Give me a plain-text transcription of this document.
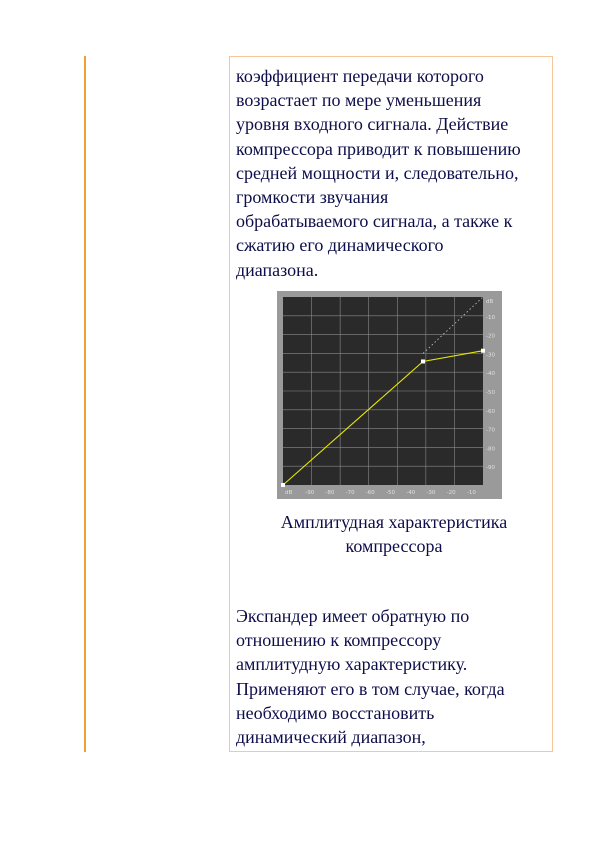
коэффициент передачи которого
возрастает по мере уменьшения
уровня входного сигнала. Действие
компрессора приводит к повышению
средней мощности и, следовательно,
громкости звучания
обрабатываемого сигнала, а также к
сжатию его динамического
диапазона.
dB
-10
-20
-30
-40
-50
-60
-70
-80
-90
dB -90 -80 -70 -60 -50 -40 -30 -20 -10
Амплитудная характеристика
компрессора
Экспандер имеет обратную по
отношению к компрессору
амплитудную характеристику.
Применяют его в том случае, когда
необходимо восстановить
динамический диапазон,
